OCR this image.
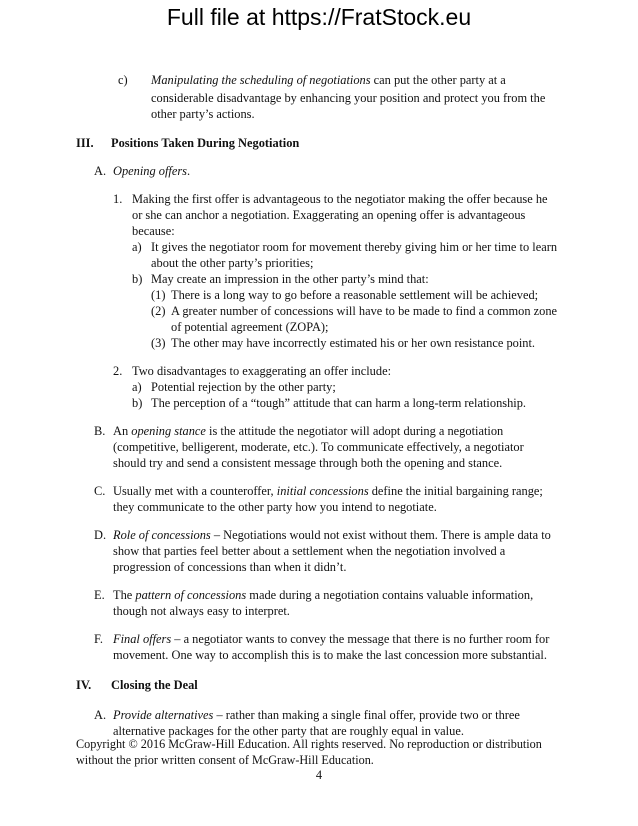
Full file at https://FratStock.eu
c) Manipulating the scheduling of negotiations can put the other party at a
considerable disadvantage by enhancing your position and protect you from the
other party’s actions.
III. Positions Taken During Negotiation
A. Opening offers.
1. Making the first offer is advantageous to the negotiator making the offer because he
or she can anchor a negotiation. Exaggerating an opening offer is advantageous
because:
a) It gives the negotiator room for movement thereby giving him or her time to learn
about the other party’s priorities;
b) May create an impression in the other party’s mind that:
(1) There is a long way to go before a reasonable settlement will be achieved;
(2) A greater number of concessions will have to be made to find a common zone
of potential agreement (ZOPA);
(3) The other may have incorrectly estimated his or her own resistance point.
2. Two disadvantages to exaggerating an offer include:
a) Potential rejection by the other party;
b) The perception of a “tough” attitude that can harm a long-term relationship.
B. An opening stance is the attitude the negotiator will adopt during a negotiation
(competitive, belligerent, moderate, etc.). To communicate effectively, a negotiator
should try and send a consistent message through both the opening and stance.
C. Usually met with a counteroffer, initial concessions define the initial bargaining range;
they communicate to the other party how you intend to negotiate.
D. Role of concessions – Negotiations would not exist without them. There is ample data to
show that parties feel better about a settlement when the negotiation involved a
progression of concessions than when it didn’t.
E. The pattern of concessions made during a negotiation contains valuable information,
though not always easy to interpret.
F. Final offers – a negotiator wants to convey the message that there is no further room for
movement. One way to accomplish this is to make the last concession more substantial.
IV. Closing the Deal
A. Provide alternatives – rather than making a single final offer, provide two or three
alternative packages for the other party that are roughly equal in value.
Copyright © 2016 McGraw-Hill Education. All rights reserved. No reproduction or distribution
without the prior written consent of McGraw-Hill Education.
4
